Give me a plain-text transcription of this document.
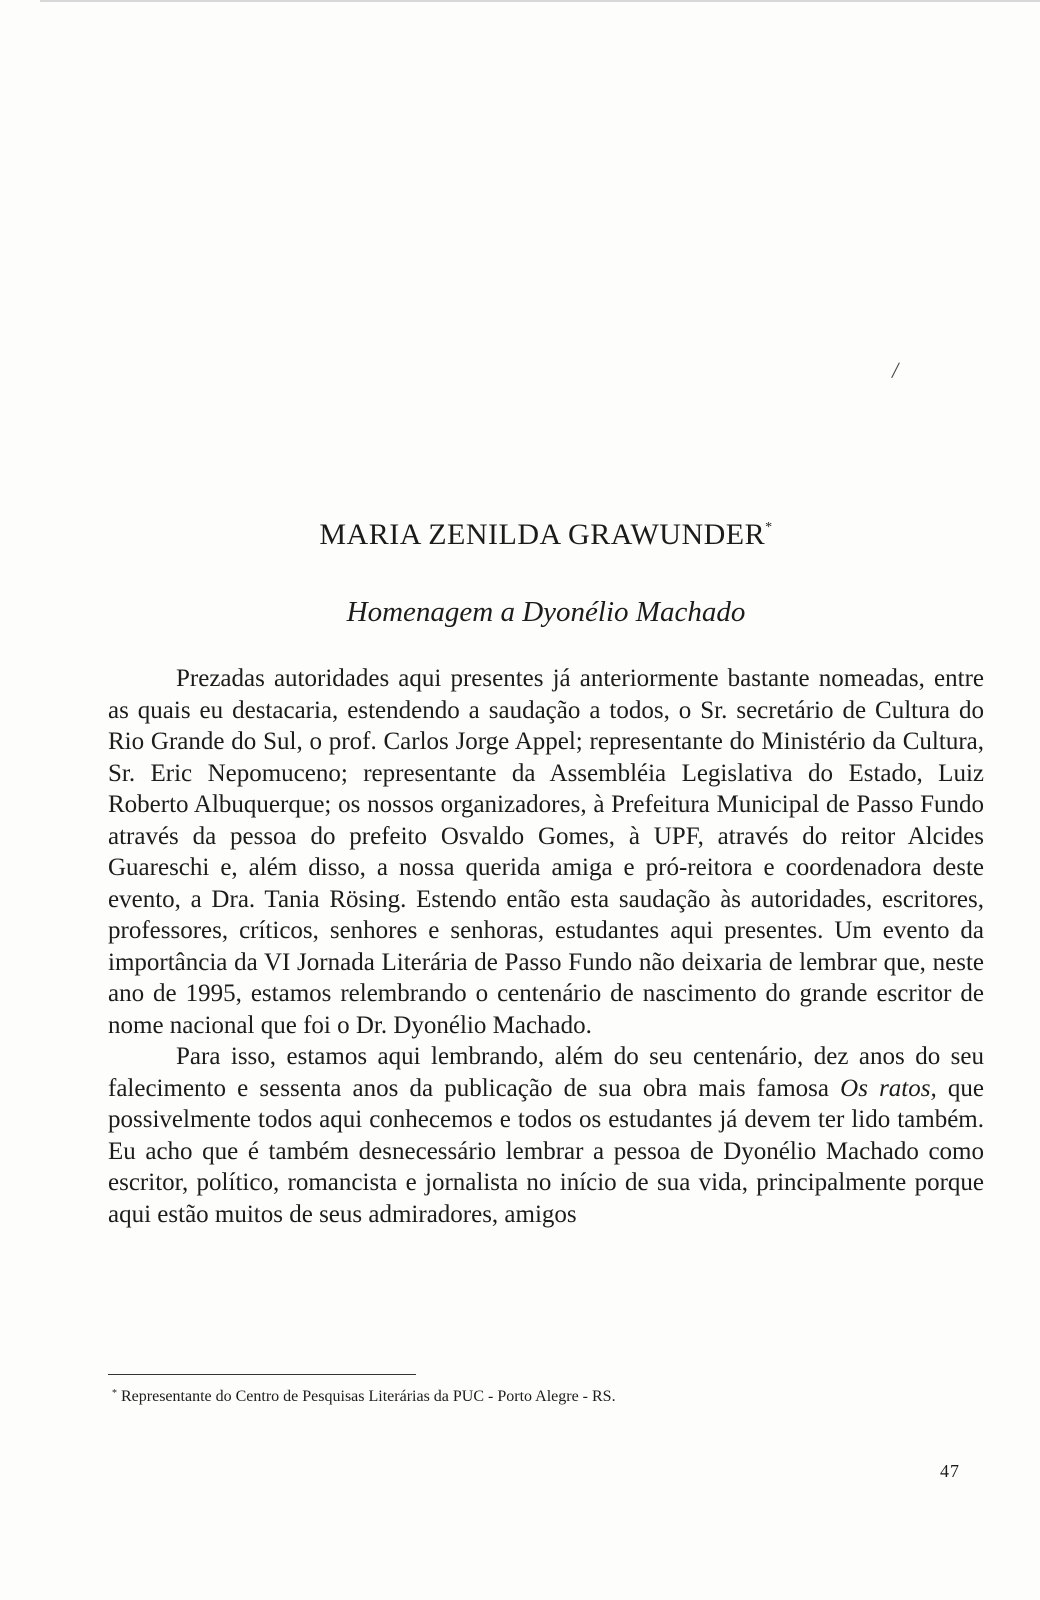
/
MARIA ZENILDA GRAWUNDER*
Homenagem a Dyonélio Machado

Prezadas autoridades aqui presentes já anteriormente bastante nomeadas, entre as quais eu destacaria, estendendo a saudação a todos, o Sr. secretário de Cultura do Rio Grande do Sul, o prof. Carlos Jorge Appel; representante do Ministério da Cultura, Sr. Eric Nepomuceno; representante da Assembléia Legislativa do Estado, Luiz Roberto Albuquerque; os nossos organizadores, à Prefeitura Municipal de Passo Fundo através da pessoa do prefeito Osvaldo Gomes, à UPF, através do reitor Alcides Guareschi e, além disso, a nossa querida amiga e pró-reitora e coordenadora deste evento, a Dra. Tania Rösing. Estendo então esta saudação às autoridades, escritores, professores, críticos, senhores e senhoras, estudantes aqui presentes. Um evento da importância da VI Jornada Literária de Passo Fundo não deixaria de lembrar que, neste ano de 1995, estamos relembrando o centenário de nascimento do grande escritor de nome nacional que foi o Dr. Dyonélio Machado.

Para isso, estamos aqui lembrando, além do seu centenário, dez anos do seu falecimento e sessenta anos da publicação de sua obra mais famosa Os ratos, que possivelmente todos aqui conhecemos e todos os estudantes já devem ter lido também. Eu acho que é também desnecessário lembrar a pessoa de Dyonélio Machado como escritor, político, romancista e jornalista no início de sua vida, principalmente porque aqui estão muitos de seus admiradores, amigos

* Representante do Centro de Pesquisas Literárias da PUC - Porto Alegre - RS.
47
